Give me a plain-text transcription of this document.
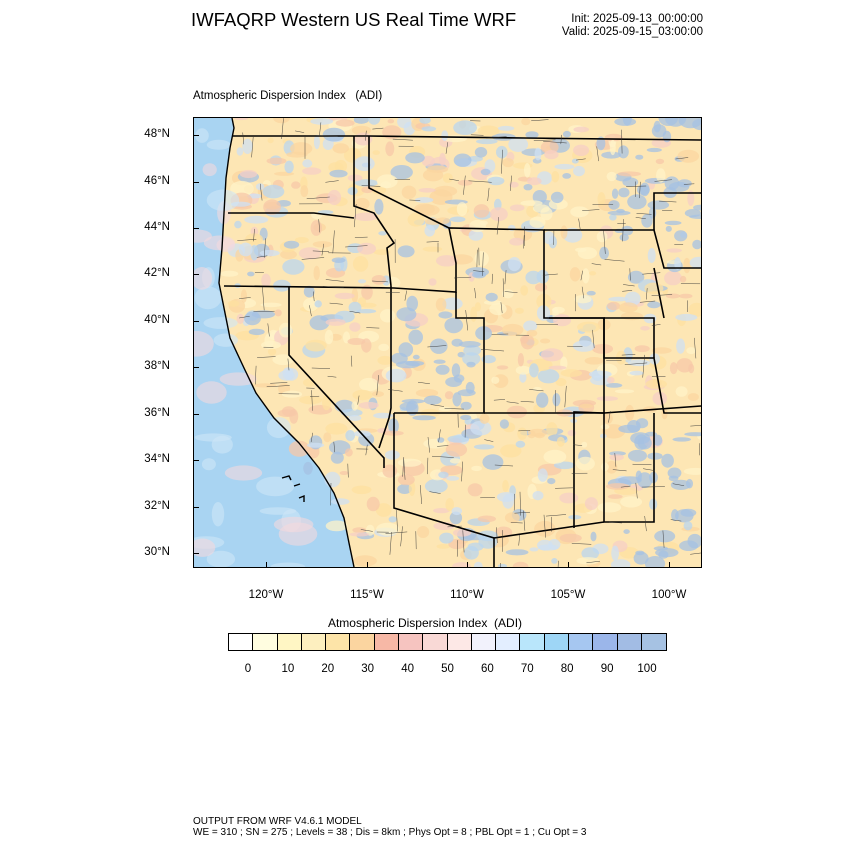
IWFAQRP Western US Real Time WRF	Init: 2025-09-13_00:00:00
Valid: 2025-09-15_03:00:00
Atmospheric Dispersion Index   (ADI)
48°N
46°N
44°N
42°N
40°N
38°N
36°N
34°N
32°N
30°N
120°W	115°W	110°W	105°W	100°W
Atmospheric Dispersion Index  (ADI)
0	10 20 30 40 50 60 70 80 90 100
OUTPUT FROM WRF V4.6.1 MODEL
WE = 310 ; SN = 275 ; Levels = 38 ; Dis = 8km ; Phys Opt = 8 ; PBL Opt = 1 ; Cu Opt = 3
